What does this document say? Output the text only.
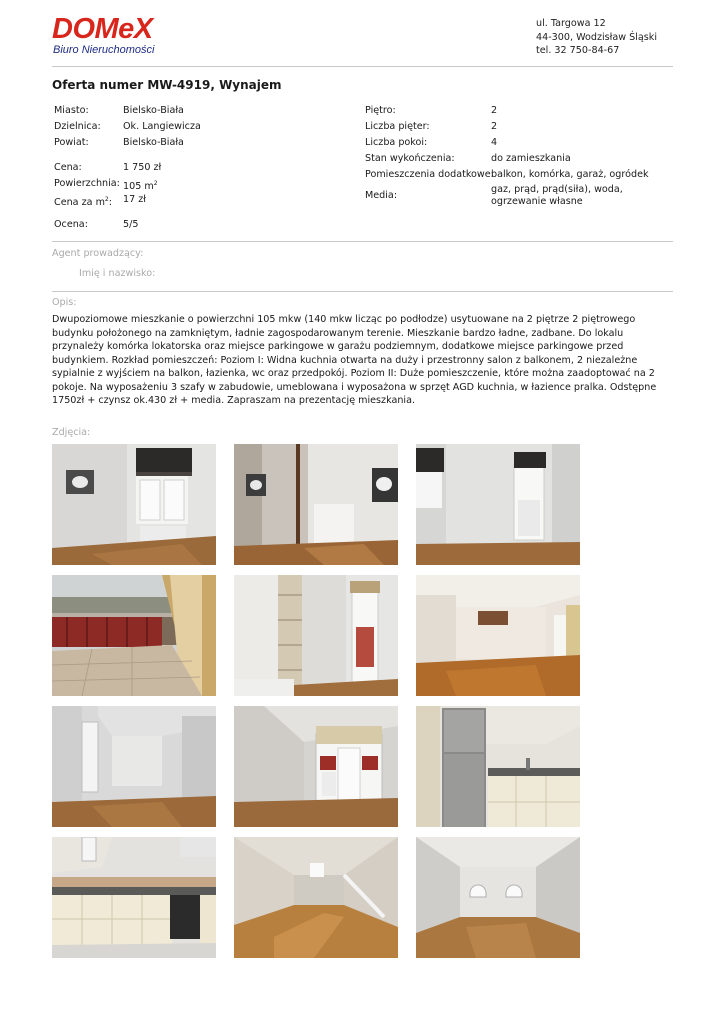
DOMeX
Biuro Nieruchomości
ul. Targowa 12
44-300, Wodzisław Śląski
tel. 32 750-84-67
Oferta numer MW-4919, Wynajem
Miasto:	Bielsko-Biała
Dzielnica: Ok. Langiewicza
Powiat:	Bielsko-Biała
Cena:	1 750 zł
Powierzchnia: 105 $m^2$
Cena za $m^2$: 17 zł
Ocena:	5/5
Piętro:	2
Liczba pięter:	2
Liczba pokoi:	4
Stan wykończenia:	do zamieszkania
Pomieszczenia dodatkowe:
balkon, komórka, garaż, ogródek
Media:
gaz, prąd, prąd(siła), woda, ogrzewanie własne
Agent prowadzący:
Imię i nazwisko:
Opis:
Dwupoziomowe mieszkanie o powierzchni 105 mkw (140 mkw licząc po podłodze) usytuowane na 2 piętrze 2 piętrowego budynku położonego na zamkniętym, ładnie zagospodarowanym terenie. Mieszkanie bardzo ładne, zadbane. Do lokalu przynależy komórka lokatorska oraz miejsce parkingowe w garażu podziemnym, dodatkowe miejsce parkingowe przed budynkiem. Rozkład pomieszczeń: Poziom I: Widna kuchnia otwarta na duży i przestronny salon z balkonem, 2 niezależne sypialnie z wyjściem na balkon, łazienka, wc oraz przedpokój. Poziom II: Duże pomieszczenie, które można zaadoptować na 2 pokoje. Na wyposażeniu 3 szafy w zabudowie, umeblowana i wyposażona w sprzęt AGD kuchnia, w łazience pralka. Odstępne 1750zł + czynsz ok.430 zł + media. Zapraszam na prezentację mieszkania.
Zdjęcia:
